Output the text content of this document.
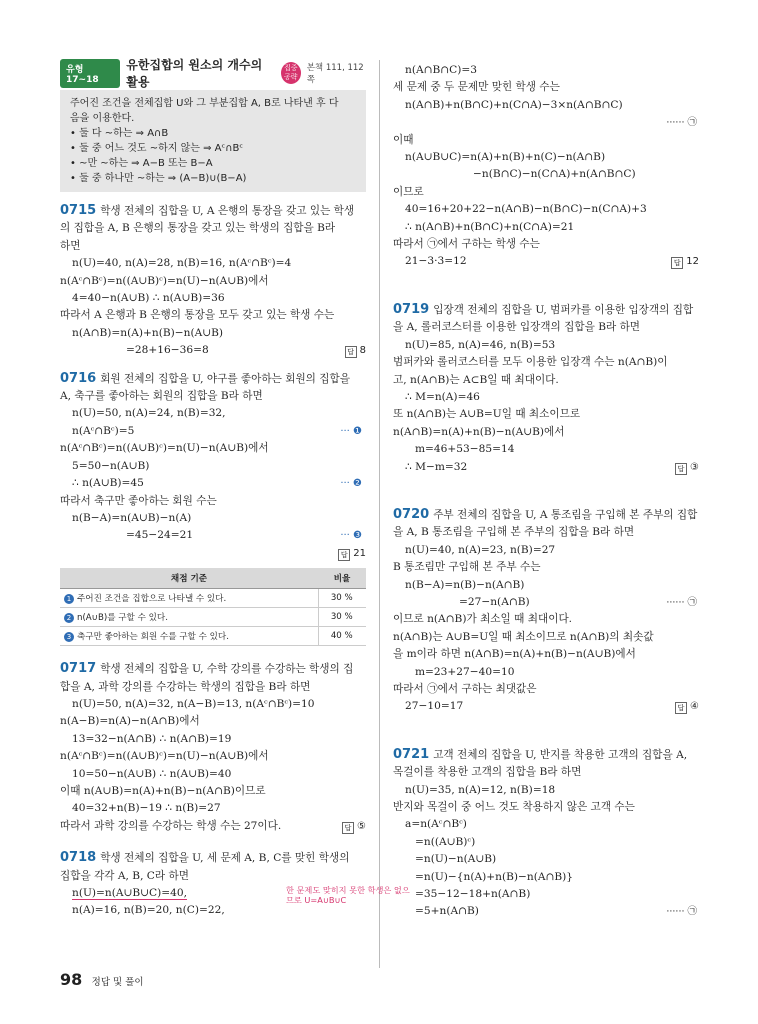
유형 17~18
유한집합의 원소의 개수의 활용
집중공략
본책 111, 112쪽
주어진 조건을 전체집합 U와 그 부분집합 A, B로 나타낸 후 다
음을 이용한다.
• 둘 다 ~하는 ⇒ A∩B
• 둘 중 어느 것도 ~하지 않는 ⇒ Aᶜ∩Bᶜ
• ~만 ~하는 ⇒ A−B 또는 B−A
• 둘 중 하나만 ~하는 ⇒ (A−B)∪(B−A)
0715 학생 전체의 집합을 U, A 은행의 통장을 갖고 있는 학생
의 집합을 A, B 은행의 통장을 갖고 있는 학생의 집합을 B라
하면
n(U)=40, n(A)=28, n(B)=16, n(Aᶜ∩Bᶜ)=4
n(Aᶜ∩Bᶜ)=n((A∪B)ᶜ)=n(U)−n(A∪B)에서
4=40−n(A∪B) ∴ n(A∪B)=36
따라서 A 은행과 B 은행의 통장을 모두 갖고 있는 학생 수는
n(A∩B)=n(A)+n(B)−n(A∪B)
=28+16−36=8	답 8
0716 회원 전체의 집합을 U, 야구를 좋아하는 회원의 집합을
A, 축구를 좋아하는 회원의 집합을 B라 하면
n(U)=50, n(A)=24, n(B)=32,
n(Aᶜ∩Bᶜ)=5	··· ❶
n(Aᶜ∩Bᶜ)=n((A∪B)ᶜ)=n(U)−n(A∪B)에서
5=50−n(A∪B)
∴ n(A∪B)=45	··· ❷
따라서 축구만 좋아하는 회원 수는
n(B−A)=n(A∪B)−n(A)
=45−24=21	··· ❸
답 21

채점 기준	비율
1 주어진 조건을 집합으로 나타낼 수 있다.	30 %
2 n(A∪B)를 구할 수 있다.	30 %
3 축구만 좋아하는 회원 수를 구할 수 있다.	40 %
0717 학생 전체의 집합을 U, 수학 강의를 수강하는 학생의 집
합을 A, 과학 강의를 수강하는 학생의 집합을 B라 하면
n(U)=50, n(A)=32, n(A−B)=13, n(Aᶜ∩Bᶜ)=10
n(A−B)=n(A)−n(A∩B)에서
13=32−n(A∩B) ∴ n(A∩B)=19
n(Aᶜ∩Bᶜ)=n((A∪B)ᶜ)=n(U)−n(A∪B)에서
10=50−n(A∪B) ∴ n(A∪B)=40
이때 n(A∪B)=n(A)+n(B)−n(A∩B)이므로
40=32+n(B)−19 ∴ n(B)=27
따라서 과학 강의를 수강하는 학생 수는 27이다.	답 ⑤
0718 학생 전체의 집합을 U, 세 문제 A, B, C를 맞힌 학생의
집합을 각각 A, B, C라 하면
n(U)=n(A∪B∪C)=40,	한 문제도 맞히지 못한 학생은 없으
므로 U=A∪B∪C
n(A)=16, n(B)=20, n(C)=22,
n(A∩B∩C)=3
세 문제 중 두 문제만 맞힌 학생 수는
n(A∩B)+n(B∩C)+n(C∩A)−3×n(A∩B∩C)
······ ㉠

이때
n(A∪B∪C)=n(A)+n(B)+n(C)−n(A∩B)
−n(B∩C)−n(C∩A)+n(A∩B∩C)
이므로
40=16+20+22−n(A∩B)−n(B∩C)−n(C∩A)+3
∴ n(A∩B)+n(B∩C)+n(C∩A)=21
따라서 ㉠에서 구하는 학생 수는
21−3·3=12	답 12
0719 입장객 전체의 집합을 U, 범퍼카를 이용한 입장객의 집합
을 A, 롤러코스터를 이용한 입장객의 집합을 B라 하면
n(U)=85, n(A)=46, n(B)=53
범퍼카와 롤러코스터를 모두 이용한 입장객 수는 n(A∩B)이
고, n(A∩B)는 A⊂B일 때 최대이다.
∴ M=n(A)=46
또 n(A∩B)는 A∪B=U일 때 최소이므로
n(A∩B)=n(A)+n(B)−n(A∪B)에서
m=46+53−85=14
∴ M−m=32	답 ③
0720 주부 전체의 집합을 U, A 통조림을 구입해 본 주부의 집합
을 A, B 통조림을 구입해 본 주부의 집합을 B라 하면
n(U)=40, n(A)=23, n(B)=27
B 통조림만 구입해 본 주부 수는
n(B−A)=n(B)−n(A∩B)
=27−n(A∩B)	······ ㉠
이므로 n(A∩B)가 최소일 때 최대이다.
n(A∩B)는 A∪B=U일 때 최소이므로 n(A∩B)의 최솟값
을 m이라 하면 n(A∩B)=n(A)+n(B)−n(A∪B)에서
m=23+27−40=10
따라서 ㉠에서 구하는 최댓값은
27−10=17	답 ④
0721 고객 전체의 집합을 U, 반지를 착용한 고객의 집합을 A,
목걸이를 착용한 고객의 집합을 B라 하면
n(U)=35, n(A)=12, n(B)=18
반지와 목걸이 중 어느 것도 착용하지 않은 고객 수는
a=n(Aᶜ∩Bᶜ)
=n((A∪B)ᶜ)
=n(U)−n(A∪B)
=n(U)−{n(A)+n(B)−n(A∩B)}
=35−12−18+n(A∩B)
=5+n(A∩B)	······ ㉠
98 정답 및 풀이
